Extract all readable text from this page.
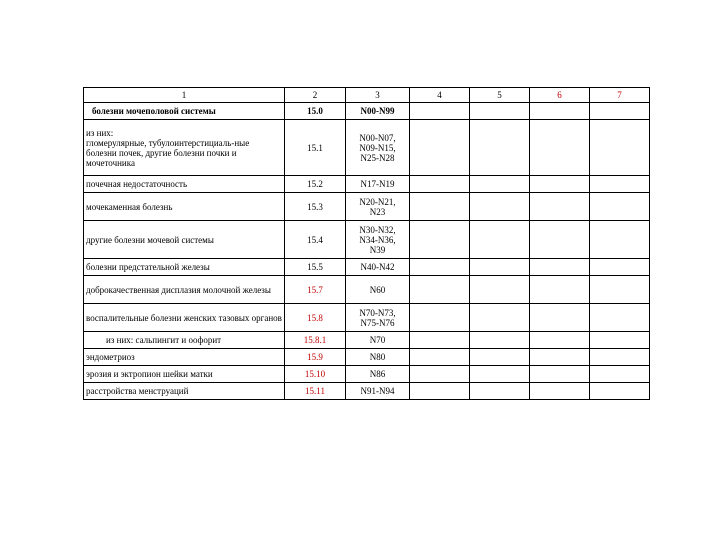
1	2	3	4	5	6	7
болезни мочеполовой системы	15.0	N00-N99				
из них:
гломерулярные, тубулоинтерстициаль-ные болезни почек, другие болезни почки и мочеточника	15.1	N00-N07,
N09-N15,
N25-N28				
почечная недостаточность	15.2	N17-N19				
мочекаменная болезнь	15.3	N20-N21,
N23				
другие болезни мочевой системы	15.4	N30-N32,
N34-N36,
N39				
болезни предстательной железы	15.5	N40-N42				
доброкачественная дисплазия молочной железы	15.7	N60				
воспалительные болезни женских тазовых органов	15.8	N70-N73,
N75-N76				
из них: сальпингит и оофорит	15.8.1	N70				
эндометриоз	15.9	N80				
эрозия и эктропион шейки матки	15.10	N86				
расстройства менструаций	15.11	N91-N94				
